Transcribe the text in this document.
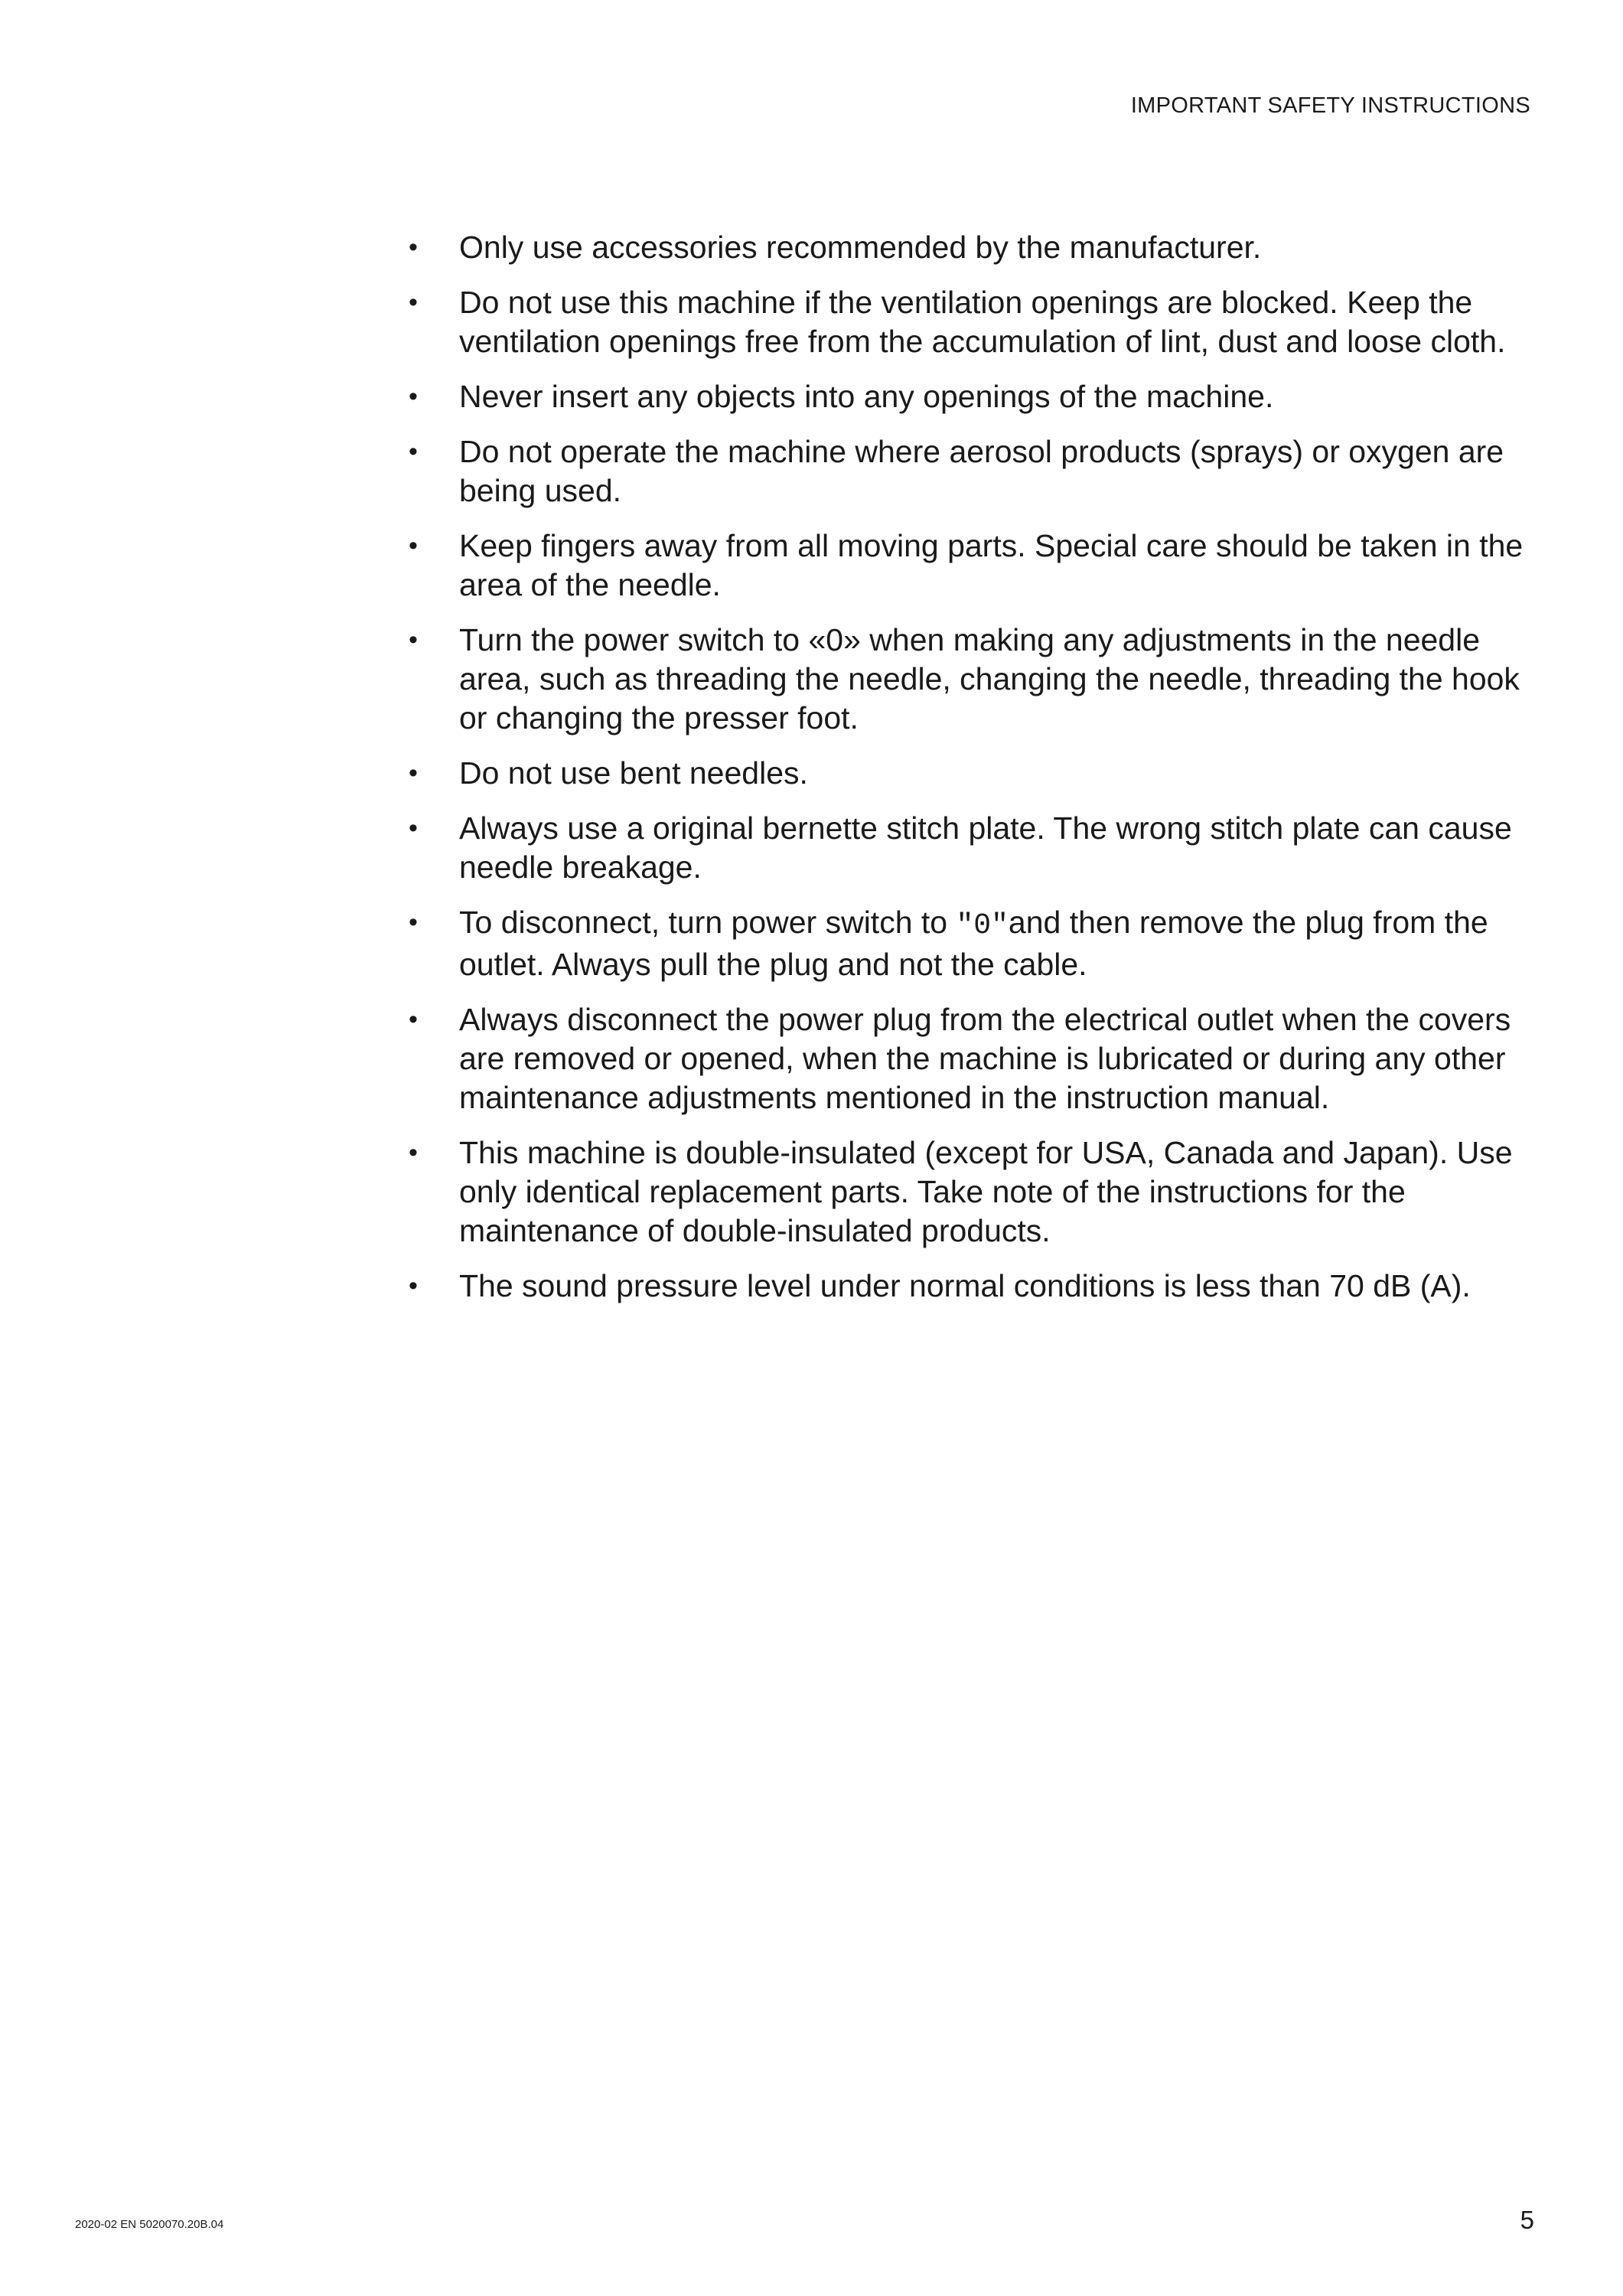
IMPORTANT SAFETY INSTRUCTIONS
•	Only use accessories recommended by the manufacturer.
•	Do not use this machine if the ventilation openings are blocked. Keep the ventilation openings free from the accumulation of lint, dust and loose cloth.
•	Never insert any objects into any openings of the machine.
•	Do not operate the machine where aerosol products (sprays) or oxygen are being used.
•	Keep fingers away from all moving parts. Special care should be taken in the area of the needle.
•	Turn the power switch to «0» when making any adjustments in the needle area, such as threading the needle, changing the needle, threading the hook or changing the presser foot.
•	Do not use bent needles.
•	Always use a original bernette stitch plate. The wrong stitch plate can cause needle breakage.
•	To disconnect, turn power switch to "0"and then remove the plug from the outlet. Always pull the plug and not the cable.
•	Always disconnect the power plug from the electrical outlet when the covers are removed or opened, when the machine is lubricated or during any other maintenance adjustments mentioned in the instruction manual.
•	This machine is double-insulated (except for USA, Canada and Japan). Use only identical replacement parts. Take note of the instructions for the maintenance of double-insulated products.
•	The sound pressure level under normal conditions is less than 70 dB (A).
2020-02 EN 5020070.20B.04	5
